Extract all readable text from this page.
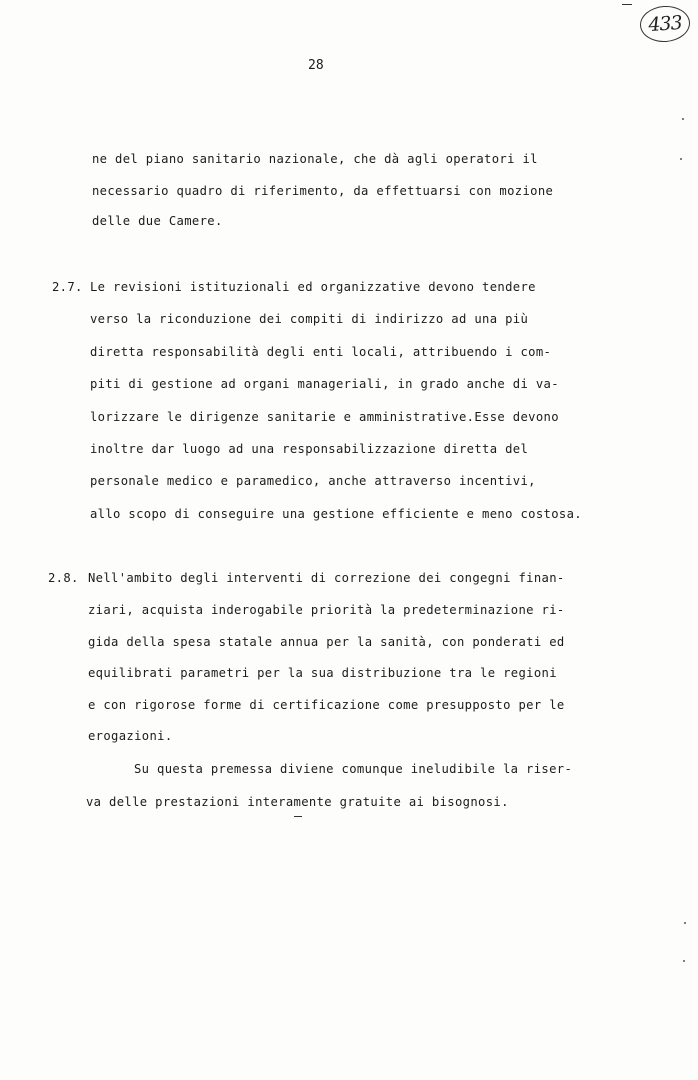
433
28
ne del piano sanitario nazionale, che dà agli operatori il
necessario quadro di riferimento, da effettuarsi con mozione
delle due Camere.
2.7. Le revisioni istituzionali ed organizzative devono tendere
verso la riconduzione dei compiti di indirizzo ad una più
diretta responsabilità degli enti locali, attribuendo i com-
piti di gestione ad organi manageriali, in grado anche di va-
lorizzare le dirigenze sanitarie e amministrative.Esse devono
inoltre dar luogo ad una responsabilizzazione diretta del
personale medico e paramedico, anche attraverso incentivi,
allo scopo di conseguire una gestione efficiente e meno costosa.
2.8. Nell'ambito degli interventi di correzione dei congegni finan-
ziari, acquista inderogabile priorità la predeterminazione ri-
gida della spesa statale annua per la sanità, con ponderati ed
equilibrati parametri per la sua distribuzione tra le regioni
e con rigorose forme di certificazione come presupposto per le
erogazioni.
Su questa premessa diviene comunque ineludibile la riser-
va delle prestazioni interamente gratuite ai bisognosi.
